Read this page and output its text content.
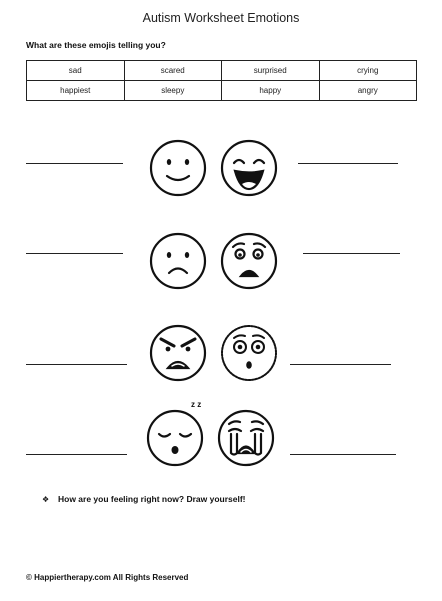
Autism Worksheet Emotions
What are these emojis telling you?
sad	scared	surprised	crying
happiest	sleepy	happy	angry
z z
❖ How are you feeling right now? Draw yourself!
© Happiertherapy.com All Rights Reserved
